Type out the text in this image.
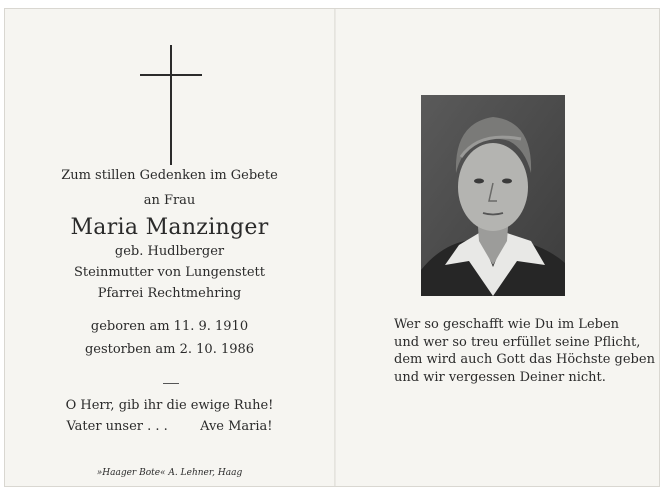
Zum stillen Gedenken im Gebete
an Frau
Maria Manzinger
geb. Hudlberger
Steinmutter von Lungenstett
Pfarrei Rechtmehring
geboren am 11. 9. 1910
gestorben am 2. 10. 1986
O Herr, gib ihr die ewige Ruhe!
Vater unser . . . Ave Maria!
»Haager Bote« A. Lehner, Haag
Wer so geschafft wie Du im Leben
und wer so treu erfüllet seine Pflicht,
dem wird auch Gott das Höchste geben
und wir vergessen Deiner nicht.
